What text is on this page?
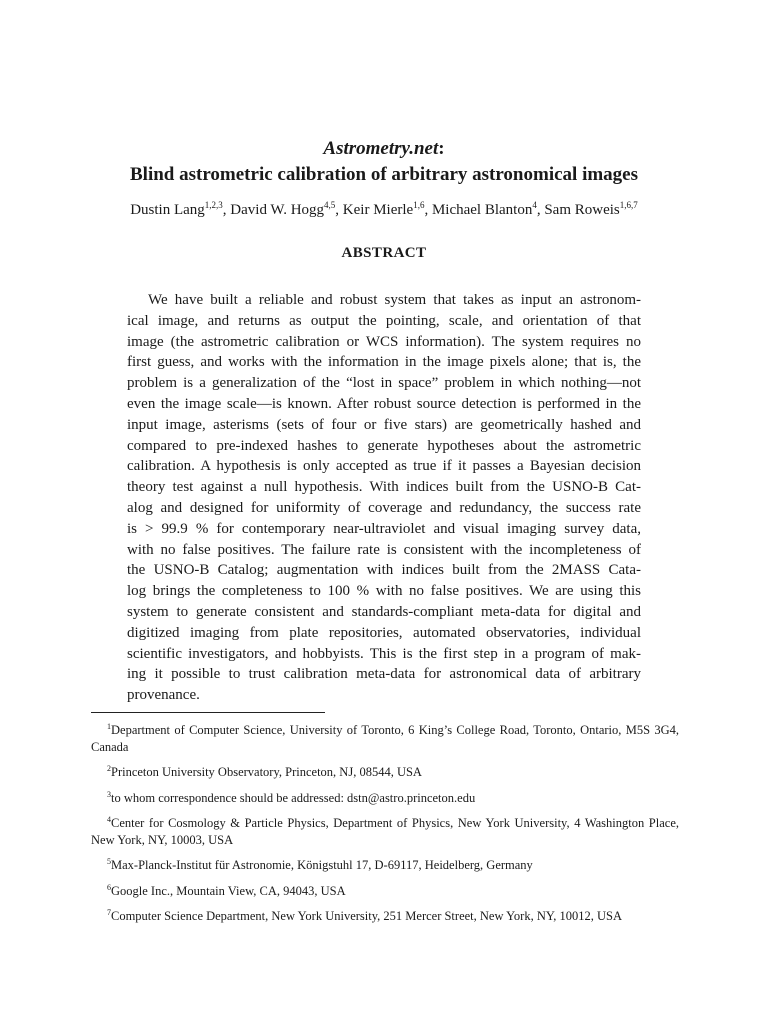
Astrometry.net:
Blind astrometric calibration of arbitrary astronomical images
Dustin Lang$^{1,2,3}$, David W. Hogg$^{4,5}$, Keir Mierle$^{1,6}$, Michael Blanton$^4$, Sam Roweis$^{1,6,7}$
ABSTRACT
We have built a reliable and robust system that takes as input an astronom-
ical image, and returns as output the pointing, scale, and orientation of that
image (the astrometric calibration or WCS information). The system requires no
first guess, and works with the information in the image pixels alone; that is, the
problem is a generalization of the “lost in space” problem in which nothing—not
even the image scale—is known. After robust source detection is performed in the
input image, asterisms (sets of four or five stars) are geometrically hashed and
compared to pre-indexed hashes to generate hypotheses about the astrometric
calibration. A hypothesis is only accepted as true if it passes a Bayesian decision
theory test against a null hypothesis. With indices built from the USNO-B Cat-
alog and designed for uniformity of coverage and redundancy, the success rate
is > 99.9 % for contemporary near-ultraviolet and visual imaging survey data,
with no false positives. The failure rate is consistent with the incompleteness of
the USNO-B Catalog; augmentation with indices built from the 2MASS Cata-
log brings the completeness to 100 % with no false positives. We are using this
system to generate consistent and standards-compliant meta-data for digital and
digitized imaging from plate repositories, automated observatories, individual
scientific investigators, and hobbyists. This is the first step in a program of mak-
ing it possible to trust calibration meta-data for astronomical data of arbitrary
provenance.

$^1$Department of Computer Science, University of Toronto, 6 King’s College Road, Toronto, Ontario, M5S 3G4, Canada

$^2$Princeton University Observatory, Princeton, NJ, 08544, USA

$^3$to whom correspondence should be addressed: dstn@astro.princeton.edu

$^4$Center for Cosmology & Particle Physics, Department of Physics, New York University, 4 Washington Place, New York, NY, 10003, USA

$^5$Max-Planck-Institut für Astronomie, Königstuhl 17, D-69117, Heidelberg, Germany

$^6$Google Inc., Mountain View, CA, 94043, USA

$^7$Computer Science Department, New York University, 251 Mercer Street, New York, NY, 10012, USA
